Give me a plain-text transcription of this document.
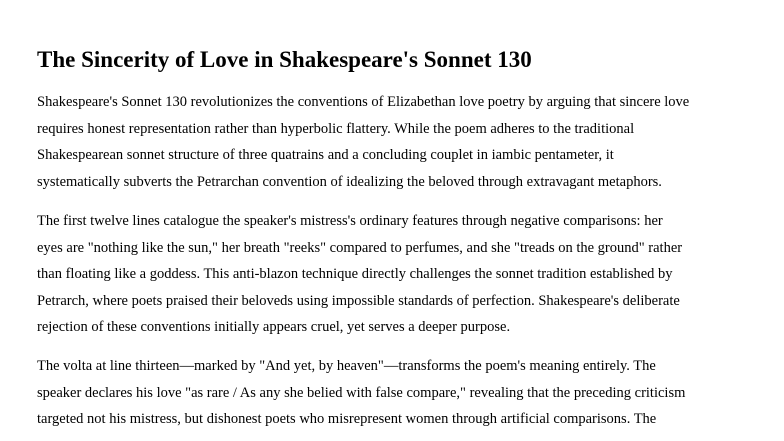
The Sincerity of Love in Shakespeare's Sonnet 130

Shakespeare's Sonnet 130 revolutionizes the conventions of Elizabethan love poetry by arguing that sincere love
requires honest representation rather than hyperbolic flattery. While the poem adheres to the traditional
Shakespearean sonnet structure of three quatrains and a concluding couplet in iambic pentameter, it
systematically subverts the Petrarchan convention of idealizing the beloved through extravagant metaphors.

The first twelve lines catalogue the speaker's mistress's ordinary features through negative comparisons: her
eyes are "nothing like the sun," her breath "reeks" compared to perfumes, and she "treads on the ground" rather
than floating like a goddess. This anti-blazon technique directly challenges the sonnet tradition established by
Petrarch, where poets praised their beloveds using impossible standards of perfection. Shakespeare's deliberate
rejection of these conventions initially appears cruel, yet serves a deeper purpose.

The volta at line thirteen—marked by "And yet, by heaven"—transforms the poem's meaning entirely. The
speaker declares his love "as rare / As any she belied with false compare," revealing that the preceding criticism
targeted not his mistress, but dishonest poets who misrepresent women through artificial comparisons. The
